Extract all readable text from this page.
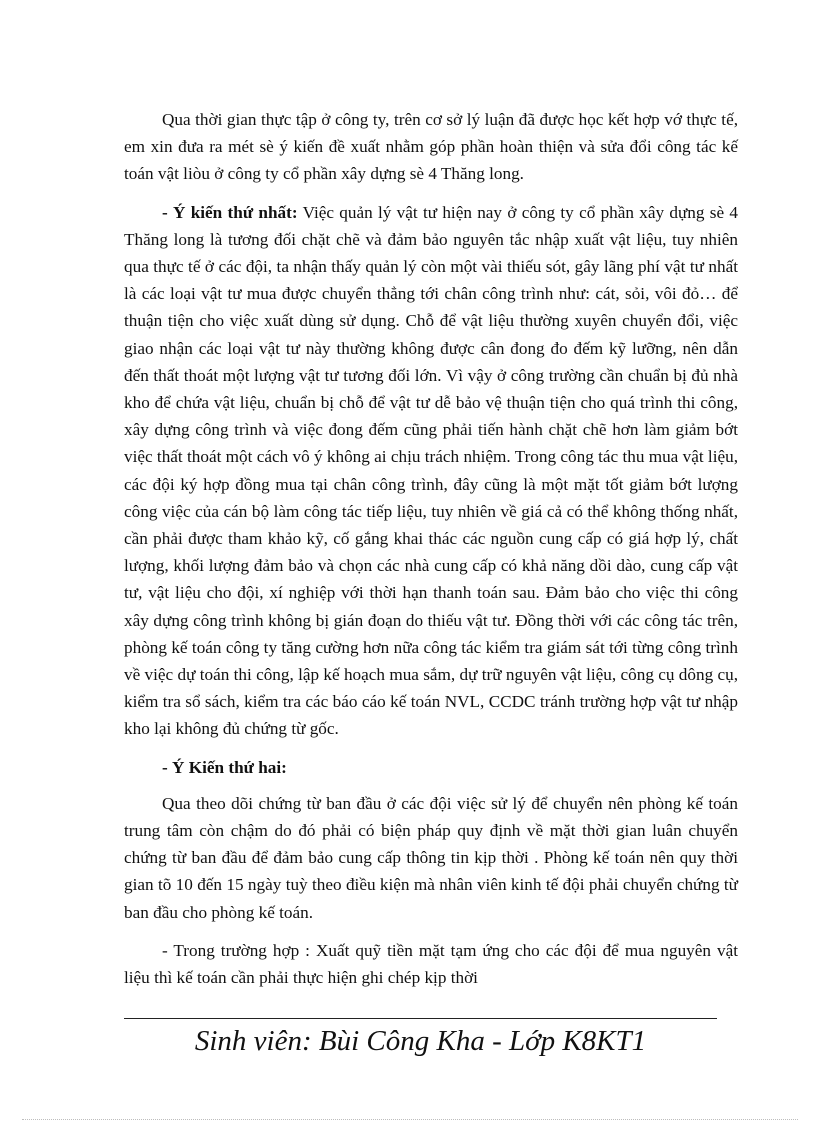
Qua thời gian thực tập ở công ty, trên cơ sở lý luận đã được học kết hợp vớ thực tế, em xin đưa ra mét sè ý kiến đề xuất nhằm góp phần hoàn thiện và sửa đổi công tác kế toán vật liòu ở công ty cổ phần xây dựng sè 4 Thăng long.

- Ý kiến thứ nhất: Việc quản lý vật tư hiện nay ở công ty cổ phần xây dựng sè 4 Thăng long là tương đối chặt chẽ và đảm bảo nguyên tắc nhập xuất vật liệu, tuy nhiên qua thực tế ở các đội, ta nhận thấy quản lý còn một vài thiếu sót, gây lãng phí vật tư nhất là các loại vật tư mua được chuyển thẳng tới chân công trình như: cát, sỏi, vôi đỏ… để thuận tiện cho việc xuất dùng sử dụng. Chỗ để vật liệu thường xuyên chuyển đổi, việc giao nhận các loại vật tư này thường không được cân đong đo đếm kỹ lưỡng, nên dẫn đến thất thoát một lượng vật tư tương đối lớn. Vì vậy ở công trường cần chuẩn bị đủ nhà kho để chứa vật liệu, chuẩn bị chỗ để vật tư dễ bảo vệ thuận tiện cho quá trình thi công, xây dựng công trình và việc đong đếm cũng phải tiến hành chặt chẽ hơn làm giảm bớt việc thất thoát một cách vô ý không ai chịu trách nhiệm. Trong công tác thu mua vật liệu, các đội ký hợp đồng mua tại chân công trình, đây cũng là một mặt tốt giảm bớt lượng công việc của cán bộ làm công tác tiếp liệu, tuy nhiên về giá cả có thể không thống nhất, cần phải được tham khảo kỹ, cố gắng khai thác các nguồn cung cấp có giá hợp lý, chất lượng, khối lượng đảm bảo và chọn các nhà cung cấp có khả năng dồi dào, cung cấp vật tư, vật liệu cho đội, xí nghiệp với thời hạn thanh toán sau. Đảm bảo cho việc thi công xây dựng công trình không bị gián đoạn do thiếu vật tư. Đồng thời với các công tác trên, phòng kế toán công ty tăng cường hơn nữa công tác kiểm tra giám sát tới từng công trình về việc dự toán thi công, lập kế hoạch mua sắm, dự trữ nguyên vật liệu, công cụ dông cụ, kiểm tra sổ sách, kiểm tra các báo cáo kế toán NVL, CCDC tránh trường hợp vật tư nhập kho lại không đủ chứng từ gốc.

- Ý Kiến thứ hai:

Qua theo dõi chứng từ ban đầu ở các đội việc sử lý để chuyển nên phòng kế toán trung tâm còn chậm do đó phải có biện pháp quy định về mặt thời gian luân chuyển chứng từ ban đầu để đảm bảo cung cấp thông tin kịp thời . Phòng kế toán nên quy thời gian tõ 10 đến 15 ngày tuỳ theo điều kiện mà nhân viên kinh tế đội phải chuyển chứng từ ban đầu cho phòng kế toán.

- Trong trường hợp : Xuất quỹ tiền mặt tạm ứng cho các đội để mua nguyên vật liệu thì kế toán cần phải thực hiện ghi chép kịp thời

Sinh viên: Bùi Công Kha - Lớp K8KT1
